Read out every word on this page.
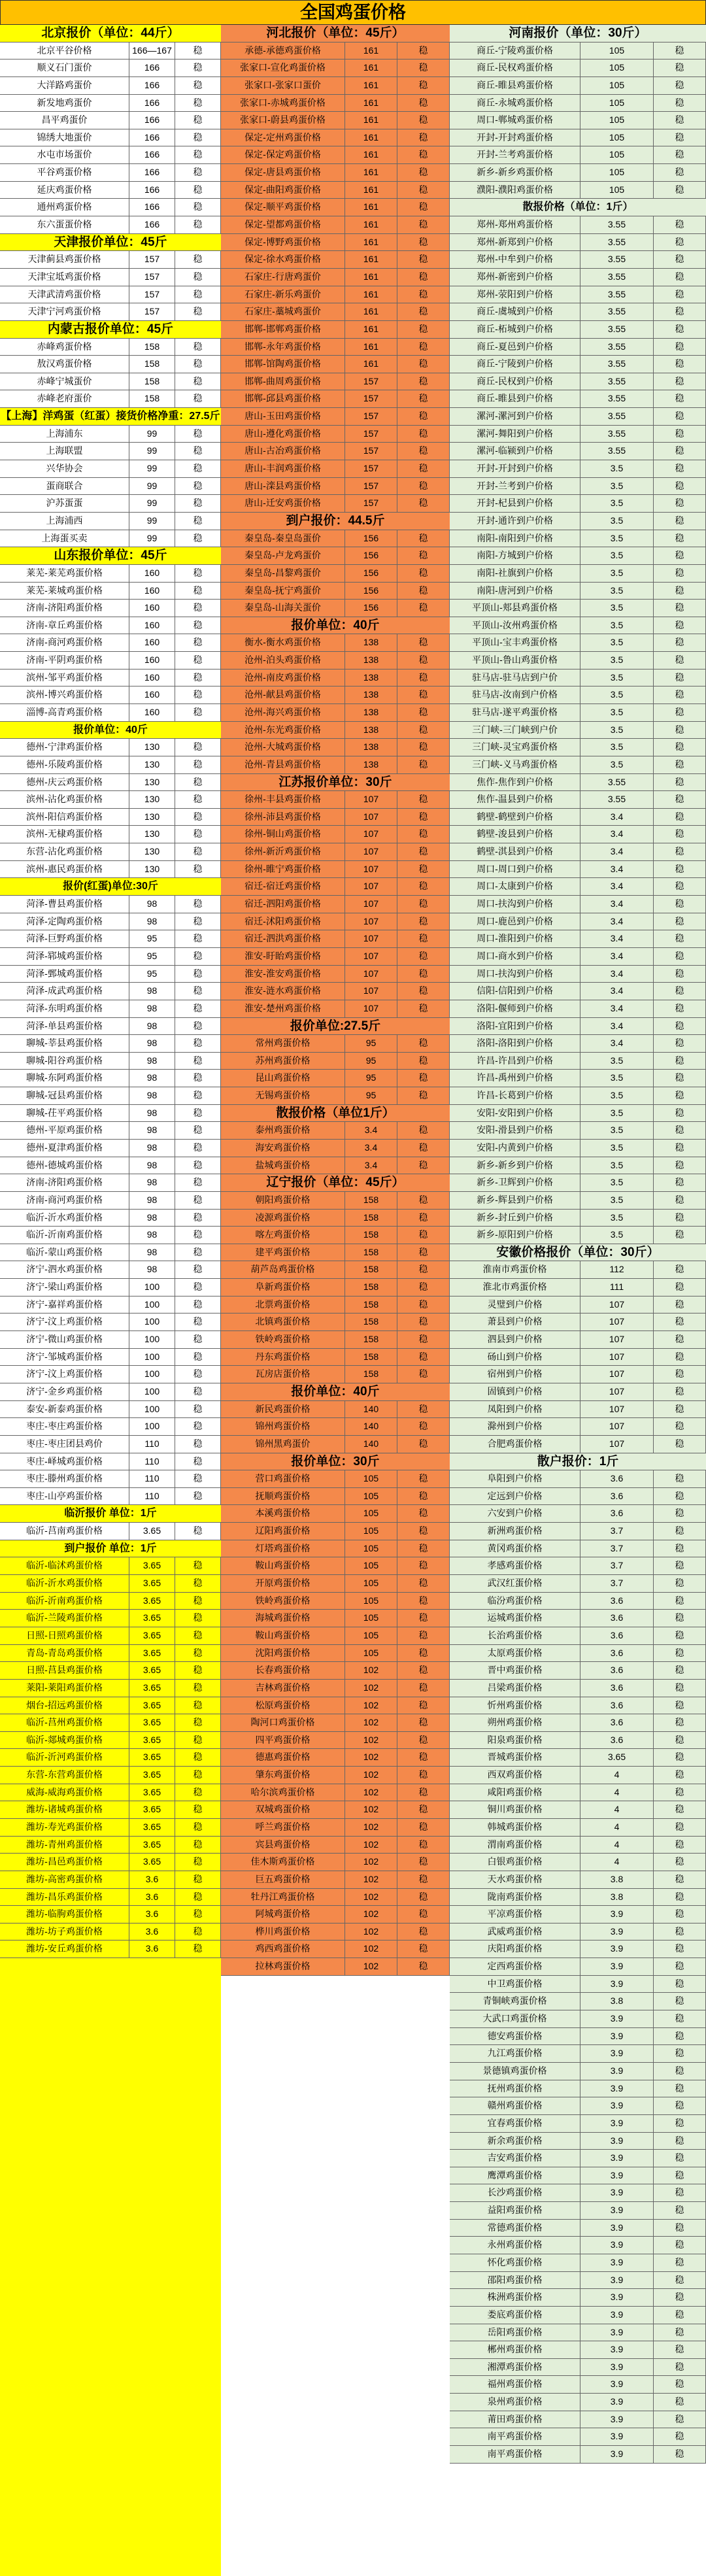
全国鸡蛋价格
北京报价（单位：44斤）
北京平谷价格	166—167	稳
顺义石门蛋价	166	稳
大洋路鸡蛋价	166	稳
新发地鸡蛋价	166	稳
昌平鸡蛋价	166	稳
锦绣大地蛋价	166	稳
水屯市场蛋价	166	稳
平谷鸡蛋价格	166	稳
延庆鸡蛋价格	166	稳
通州鸡蛋价格	166	稳
东六蛋蛋价格	166	稳
天津报价单位：45斤
天津蓟县鸡蛋价格	157	稳
天津宝坻鸡蛋价格	157	稳
天津武清鸡蛋价格	157	稳
天津宁河鸡蛋价格	157	稳
内蒙古报价单位：45斤
赤峰鸡蛋价格	158	稳
敖汉鸡蛋价格	158	稳
赤峰宁城蛋价	158	稳
赤峰老府蛋价	158	稳
【上海】洋鸡蛋（红蛋）接货价格净重：27.5斤
上海浦东	99	稳
上海联盟	99	稳
兴华协会	99	稳
蛋商联合	99	稳
沪苏蛋蛋	99	稳
上海浦西	99	稳
上海蛋买卖	99	稳
山东报价单位：45斤
莱芜-莱芜鸡蛋价格	160	稳
莱芜-莱城鸡蛋价格	160	稳
济南-济阳鸡蛋价格	160	稳
济南-章丘鸡蛋价格	160	稳
济南-商河鸡蛋价格	160	稳
济南-平阴鸡蛋价格	160	稳
滨州-邹平鸡蛋价格	160	稳
滨州-博兴鸡蛋价格	160	稳
淄博-高青鸡蛋价格	160	稳
报价单位：40斤
德州-宁津鸡蛋价格	130	稳
德州-乐陵鸡蛋价格	130	稳
德州-庆云鸡蛋价格	130	稳
滨州-沾化鸡蛋价格	130	稳
滨州-阳信鸡蛋价格	130	稳
滨州-无棣鸡蛋价格	130	稳
东营-沾化鸡蛋价格	130	稳
滨州-惠民鸡蛋价格	130	稳
报价(红蛋)单位:30斤
菏泽-曹县鸡蛋价格	98	稳
菏泽-定陶鸡蛋价格	98	稳
菏泽-巨野鸡蛋价格	95	稳
菏泽-郓城鸡蛋价格	95	稳
菏泽-鄄城鸡蛋价格	95	稳
菏泽-成武鸡蛋价格	98	稳
菏泽-东明鸡蛋价格	98	稳
菏泽-单县鸡蛋价格	98	稳
聊城-莘县鸡蛋价格	98	稳
聊城-阳谷鸡蛋价格	98	稳
聊城-东阿鸡蛋价格	98	稳
聊城-冠县鸡蛋价格	98	稳
聊城-茌平鸡蛋价格	98	稳
德州-平原鸡蛋价格	98	稳
德州-夏津鸡蛋价格	98	稳
德州-德城鸡蛋价格	98	稳
济南-济阳鸡蛋价格	98	稳
济南-商河鸡蛋价格	98	稳
临沂-沂水鸡蛋价格	98	稳
临沂-沂南鸡蛋价格	98	稳
临沂-蒙山鸡蛋价格	98	稳
济宁-泗水鸡蛋价格	98	稳
济宁-梁山鸡蛋价格	100	稳
济宁-嘉祥鸡蛋价格	100	稳
济宁-汶上鸡蛋价格	100	稳
济宁-微山鸡蛋价格	100	稳
济宁-邹城鸡蛋价格	100	稳
济宁-汶上鸡蛋价格	100	稳
济宁-金乡鸡蛋价格	100	稳
泰安-新泰鸡蛋价格	100	稳
枣庄-枣庄鸡蛋价格	100	稳
枣庄-枣庄团县鸡价	110	稳
枣庄-峄城鸡蛋价格	110	稳
枣庄-滕州鸡蛋价格	110	稳
枣庄-山亭鸡蛋价格	110	稳
临沂报价 单位：1斤
临沂-莒南鸡蛋价格	3.65	稳
到户报价 单位：1斤
临沂-临沭鸡蛋价格	3.65	稳
临沂-沂水鸡蛋价格	3.65	稳
临沂-沂南鸡蛋价格	3.65	稳
临沂-兰陵鸡蛋价格	3.65	稳
日照-日照鸡蛋价格	3.65	稳
青岛-青岛鸡蛋价格	3.65	稳
日照-莒县鸡蛋价格	3.65	稳
莱阳-莱阳鸡蛋价格	3.65	稳
烟台-招远鸡蛋价格	3.65	稳
临沂-莒州鸡蛋价格	3.65	稳
临沂-郯城鸡蛋价格	3.65	稳
临沂-沂河鸡蛋价格	3.65	稳
东营-东营鸡蛋价格	3.65	稳
威海-威海鸡蛋价格	3.65	稳
潍坊-诸城鸡蛋价格	3.65	稳
潍坊-寿光鸡蛋价格	3.65	稳
潍坊-青州鸡蛋价格	3.65	稳
潍坊-昌邑鸡蛋价格	3.65	稳
潍坊-高密鸡蛋价格	3.6	稳
潍坊-昌乐鸡蛋价格	3.6	稳
潍坊-临朐鸡蛋价格	3.6	稳
潍坊-坊子鸡蛋价格	3.6	稳
潍坊-安丘鸡蛋价格	3.6	稳
河北报价（单位：45斤）
承德-承德鸡蛋价格	161	稳
张家口-宣化鸡蛋价格	161	稳
张家口-张家口蛋价	161	稳
张家口-赤城鸡蛋价格	161	稳
张家口-蔚县鸡蛋价格	161	稳
保定-定州鸡蛋价格	161	稳
保定-保定鸡蛋价格	161	稳
保定-唐县鸡蛋价格	161	稳
保定-曲阳鸡蛋价格	161	稳
保定-顺平鸡蛋价格	161	稳
保定-望都鸡蛋价格	161	稳
保定-博野鸡蛋价格	161	稳
保定-徐水鸡蛋价格	161	稳
石家庄-行唐鸡蛋价	161	稳
石家庄-新乐鸡蛋价	161	稳
石家庄-藁城鸡蛋价	161	稳
邯郸-邯郸鸡蛋价格	161	稳
邯郸-永年鸡蛋价格	161	稳
邯郸-馆陶鸡蛋价格	161	稳
邯郸-曲周鸡蛋价格	157	稳
邯郸-邱县鸡蛋价格	157	稳
唐山-玉田鸡蛋价格	157	稳
唐山-遵化鸡蛋价格	157	稳
唐山-古冶鸡蛋价格	157	稳
唐山-丰润鸡蛋价格	157	稳
唐山-滦县鸡蛋价格	157	稳
唐山-迁安鸡蛋价格	157	稳
到户报价：44.5斤
秦皇岛-秦皇岛蛋价	156	稳
秦皇岛-卢龙鸡蛋价	156	稳
秦皇岛-昌黎鸡蛋价	156	稳
秦皇岛-抚宁鸡蛋价	156	稳
秦皇岛-山海关蛋价	156	稳
报价单位：40斤
衡水-衡水鸡蛋价格	138	稳
沧州-泊头鸡蛋价格	138	稳
沧州-南皮鸡蛋价格	138	稳
沧州-献县鸡蛋价格	138	稳
沧州-海兴鸡蛋价格	138	稳
沧州-东光鸡蛋价格	138	稳
沧州-大城鸡蛋价格	138	稳
沧州-青县鸡蛋价格	138	稳
江苏报价单位：30斤
徐州-丰县鸡蛋价格	107	稳
徐州-沛县鸡蛋价格	107	稳
徐州-铜山鸡蛋价格	107	稳
徐州-新沂鸡蛋价格	107	稳
徐州-睢宁鸡蛋价格	107	稳
宿迁-宿迁鸡蛋价格	107	稳
宿迁-泗阳鸡蛋价格	107	稳
宿迁-沭阳鸡蛋价格	107	稳
宿迁-泗洪鸡蛋价格	107	稳
淮安-盱眙鸡蛋价格	107	稳
淮安-淮安鸡蛋价格	107	稳
淮安-涟水鸡蛋价格	107	稳
淮安-楚州鸡蛋价格	107	稳
报价单位:27.5斤
常州鸡蛋价格	95	稳
苏州鸡蛋价格	95	稳
昆山鸡蛋价格	95	稳
无锡鸡蛋价格	95	稳
散报价格（单位1斤）
泰州鸡蛋价格	3.4	稳
海安鸡蛋价格	3.4	稳
盐城鸡蛋价格	3.4	稳
辽宁报价（单位：45斤）
朝阳鸡蛋价格	158	稳
凌源鸡蛋价格	158	稳
喀左鸡蛋价格	158	稳
建平鸡蛋价格	158	稳
葫芦岛鸡蛋价格	158	稳
阜新鸡蛋价格	158	稳
北票鸡蛋价格	158	稳
北镇鸡蛋价格	158	稳
铁岭鸡蛋价格	158	稳
丹东鸡蛋价格	158	稳
瓦房店蛋价格	158	稳
报价单位：40斤
新民鸡蛋价格	140	稳
锦州鸡蛋价格	140	稳
锦州黑鸡蛋价	140	稳
报价单位：30斤
营口鸡蛋价格	105	稳
抚顺鸡蛋价格	105	稳
本溪鸡蛋价格	105	稳
辽阳鸡蛋价格	105	稳
灯塔鸡蛋价格	105	稳
鞍山鸡蛋价格	105	稳
开原鸡蛋价格	105	稳
铁岭鸡蛋价格	105	稳
海城鸡蛋价格	105	稳
鞍山鸡蛋价格	105	稳
沈阳鸡蛋价格	105	稳
长春鸡蛋价格	102	稳
吉林鸡蛋价格	102	稳
松原鸡蛋价格	102	稳
陶河口鸡蛋价格	102	稳
四平鸡蛋价格	102	稳
德惠鸡蛋价格	102	稳
肇东鸡蛋价格	102	稳
哈尔滨鸡蛋价格	102	稳
双城鸡蛋价格	102	稳
呼兰鸡蛋价格	102	稳
宾县鸡蛋价格	102	稳
佳木斯鸡蛋价格	102	稳
巨五鸡蛋价格	102	稳
牡丹江鸡蛋价格	102	稳
阿城鸡蛋价格	102	稳
桦川鸡蛋价格	102	稳
鸡西鸡蛋价格	102	稳
拉林鸡蛋价格	102	稳
河南报价（单位：30斤）
商丘-宁陵鸡蛋价格	105	稳
商丘-民权鸡蛋价格	105	稳
商丘-睢县鸡蛋价格	105	稳
商丘-永城鸡蛋价格	105	稳
周口-郸城鸡蛋价格	105	稳
开封-开封鸡蛋价格	105	稳
开封-兰考鸡蛋价格	105	稳
新乡-新乡鸡蛋价格	105	稳
濮阳-濮阳鸡蛋价格	105	稳
散报价格（单位：1斤）
郑州-郑州鸡蛋价格	3.55	稳
郑州-新郑到户价格	3.55	稳
郑州-中牟到户价格	3.55	稳
郑州-新密到户价格	3.55	稳
郑州-荥阳到户价格	3.55	稳
商丘-虞城到户价格	3.55	稳
商丘-柘城到户价格	3.55	稳
商丘-夏邑到户价格	3.55	稳
商丘-宁陵到户价格	3.55	稳
商丘-民权到户价格	3.55	稳
商丘-睢县到户价格	3.55	稳
漯河-漯河到户价格	3.55	稳
漯河-舞阳到户价格	3.55	稳
漯河-临颍到户价格	3.55	稳
开封-开封到户价格	3.5	稳
开封-兰考到户价格	3.5	稳
开封-杞县到户价格	3.5	稳
开封-通许到户价格	3.5	稳
南阳-南阳到户价格	3.5	稳
南阳-方城到户价格	3.5	稳
南阳-社旗到户价格	3.5	稳
南阳-唐河到户价格	3.5	稳
平顶山-郏县鸡蛋价格	3.5	稳
平顶山-汝州鸡蛋价格	3.5	稳
平顶山-宝丰鸡蛋价格	3.5	稳
平顶山-鲁山鸡蛋价格	3.5	稳
驻马店-驻马店到户价	3.5	稳
驻马店-汝南到户价格	3.5	稳
驻马店-遂平鸡蛋价格	3.5	稳
三门峡-三门峡到户价	3.5	稳
三门峡-灵宝鸡蛋价格	3.5	稳
三门峡-义马鸡蛋价格	3.5	稳
焦作-焦作到户价格	3.55	稳
焦作-温县到户价格	3.55	稳
鹤壁-鹤壁到户价格	3.4	稳
鹤壁-浚县到户价格	3.4	稳
鹤壁-淇县到户价格	3.4	稳
周口-周口到户价格	3.4	稳
周口-太康到户价格	3.4	稳
周口-扶沟到户价格	3.4	稳
周口-鹿邑到户价格	3.4	稳
周口-淮阳到户价格	3.4	稳
周口-商水到户价格	3.4	稳
周口-扶沟到户价格	3.4	稳
信阳-信阳到户价格	3.4	稳
洛阳-偃师到户价格	3.4	稳
洛阳-宜阳到户价格	3.4	稳
洛阳-洛阳到户价格	3.4	稳
许昌-许昌到户价格	3.5	稳
许昌-禹州到户价格	3.5	稳
许昌-长葛到户价格	3.5	稳
安阳-安阳到户价格	3.5	稳
安阳-滑县到户价格	3.5	稳
安阳-内黄到户价格	3.5	稳
新乡-新乡到户价格	3.5	稳
新乡-卫辉到户价格	3.5	稳
新乡-辉县到户价格	3.5	稳
新乡-封丘到户价格	3.5	稳
新乡-原阳到户价格	3.5	稳
安徽价格报价（单位：30斤）
淮南市鸡蛋价格	112	稳
淮北市鸡蛋价格	111	稳
灵璧到户价格	107	稳
萧县到户价格	107	稳
泗县到户价格	107	稳
砀山到户价格	107	稳
宿州到户价格	107	稳
固镇到户价格	107	稳
凤阳到户价格	107	稳
滁州到户价格	107	稳
合肥鸡蛋价格	107	稳
散户报价：1斤
阜阳到户价格	3.6	稳
定远到户价格	3.6	稳
六安到户价格	3.6	稳
新洲鸡蛋价格	3.7	稳
黄冈鸡蛋价格	3.7	稳
孝感鸡蛋价格	3.7	稳
武汉红蛋价格	3.7	稳
临汾鸡蛋价格	3.6	稳
运城鸡蛋价格	3.6	稳
长治鸡蛋价格	3.6	稳
太原鸡蛋价格	3.6	稳
晋中鸡蛋价格	3.6	稳
吕梁鸡蛋价格	3.6	稳
忻州鸡蛋价格	3.6	稳
朔州鸡蛋价格	3.6	稳
阳泉鸡蛋价格	3.6	稳
晋城鸡蛋价格	3.65	稳
西双鸡蛋价格	4	稳
咸阳鸡蛋价格	4	稳
铜川鸡蛋价格	4	稳
韩城鸡蛋价格	4	稳
渭南鸡蛋价格	4	稳
白银鸡蛋价格	4	稳
天水鸡蛋价格	3.8	稳
陇南鸡蛋价格	3.8	稳
平凉鸡蛋价格	3.9	稳
武威鸡蛋价格	3.9	稳
庆阳鸡蛋价格	3.9	稳
定西鸡蛋价格	3.9	稳
中卫鸡蛋价格	3.9	稳
青铜峡鸡蛋价格	3.8	稳
大武口鸡蛋价格	3.9	稳
德安鸡蛋价格	3.9	稳
九江鸡蛋价格	3.9	稳
景德镇鸡蛋价格	3.9	稳
抚州鸡蛋价格	3.9	稳
赣州鸡蛋价格	3.9	稳
宜春鸡蛋价格	3.9	稳
新余鸡蛋价格	3.9	稳
吉安鸡蛋价格	3.9	稳
鹰潭鸡蛋价格	3.9	稳
长沙鸡蛋价格	3.9	稳
益阳鸡蛋价格	3.9	稳
常德鸡蛋价格	3.9	稳
永州鸡蛋价格	3.9	稳
怀化鸡蛋价格	3.9	稳
邵阳鸡蛋价格	3.9	稳
株洲鸡蛋价格	3.9	稳
娄底鸡蛋价格	3.9	稳
岳阳鸡蛋价格	3.9	稳
郴州鸡蛋价格	3.9	稳
湘潭鸡蛋价格	3.9	稳
福州鸡蛋价格	3.9	稳
泉州鸡蛋价格	3.9	稳
莆田鸡蛋价格	3.9	稳
南平鸡蛋价格	3.9	稳
南平鸡蛋价格	3.9	稳
